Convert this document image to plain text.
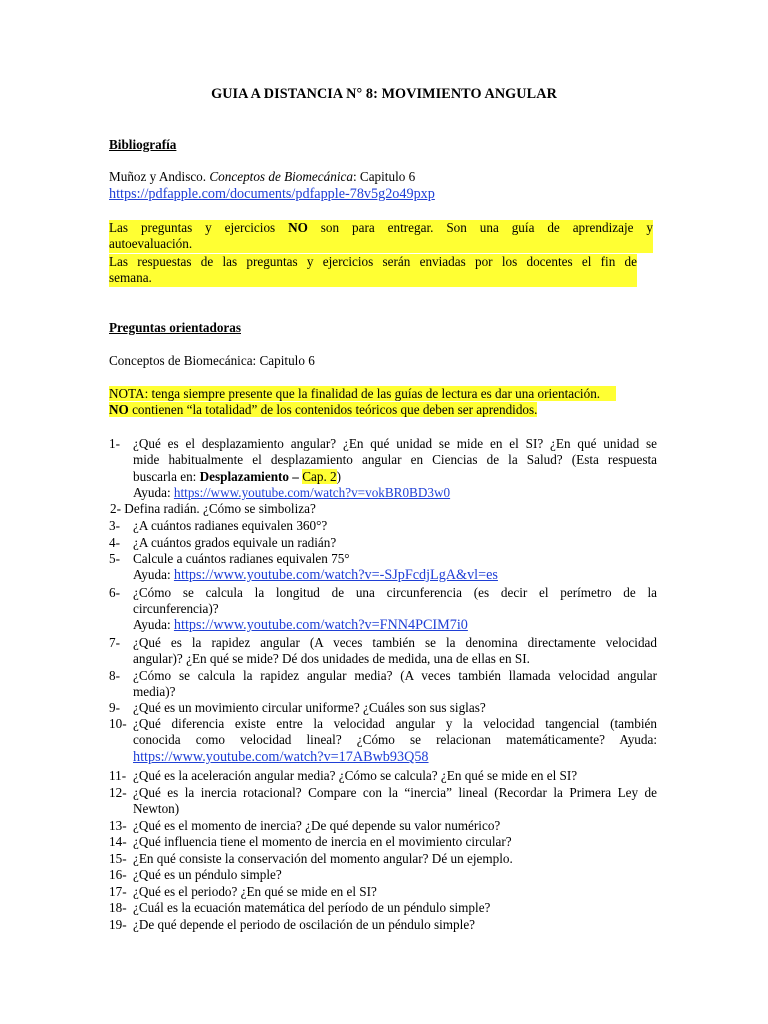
GUIA A DISTANCIA N° 8: MOVIMIENTO ANGULAR
Bibliografía
Muñoz y Andisco. Conceptos de Biomecánica: Capitulo 6
https://pdfapple.com/documents/pdfapple-78v5g2o49pxp
Las preguntas y ejercicios NO son para entregar. Son una guía de aprendizaje y
autoevaluación.
Las respuestas de las preguntas y ejercicios serán enviadas por los docentes el fin de
semana.
Preguntas orientadoras
Conceptos de Biomecánica: Capitulo 6
NOTA: tenga siempre presente que la finalidad de las guías de lectura es dar una orientación.
NO contienen “la totalidad” de los contenidos teóricos que deben ser aprendidos.
1- ¿Qué es el desplazamiento angular? ¿En qué unidad se mide en el SI? ¿En qué unidad se
mide habitualmente el desplazamiento angular en Ciencias de la Salud? (Esta respuesta
buscarla en: Desplazamiento – Cap. 2)
Ayuda: https://www.youtube.com/watch?v=vokBR0BD3w0
2- Defina radián. ¿Cómo se simboliza?
3- ¿A cuántos radianes equivalen 360°?
4- ¿A cuántos grados equivale un radián?
5- Calcule a cuántos radianes equivalen 75°
Ayuda: https://www.youtube.com/watch?v=-SJpFcdjLgA&vl=es
6- ¿Cómo se calcula la longitud de una circunferencia (es decir el perímetro de la
circunferencia)?
Ayuda: https://www.youtube.com/watch?v=FNN4PCIM7i0
7- ¿Qué es la rapidez angular (A veces también se la denomina directamente velocidad
angular)? ¿En qué se mide? Dé dos unidades de medida, una de ellas en SI.
8- ¿Cómo se calcula la rapidez angular media? (A veces también llamada velocidad angular
media)?
9- ¿Qué es un movimiento circular uniforme? ¿Cuáles son sus siglas?
10- ¿Qué diferencia existe entre la velocidad angular y la velocidad tangencial (también
conocida como velocidad lineal? ¿Cómo se relacionan matemáticamente? Ayuda:
https://www.youtube.com/watch?v=17ABwb93Q58
11- ¿Qué es la aceleración angular media? ¿Cómo se calcula? ¿En qué se mide en el SI?
12- ¿Qué es la inercia rotacional? Compare con la “inercia” lineal (Recordar la Primera Ley de
Newton)
13- ¿Qué es el momento de inercia? ¿De qué depende su valor numérico?
14- ¿Qué influencia tiene el momento de inercia en el movimiento circular?
15- ¿En qué consiste la conservación del momento angular? Dé un ejemplo.
16- ¿Qué es un péndulo simple?
17- ¿Qué es el periodo? ¿En qué se mide en el SI?
18- ¿Cuál es la ecuación matemática del período de un péndulo simple?
19- ¿De qué depende el periodo de oscilación de un péndulo simple?
